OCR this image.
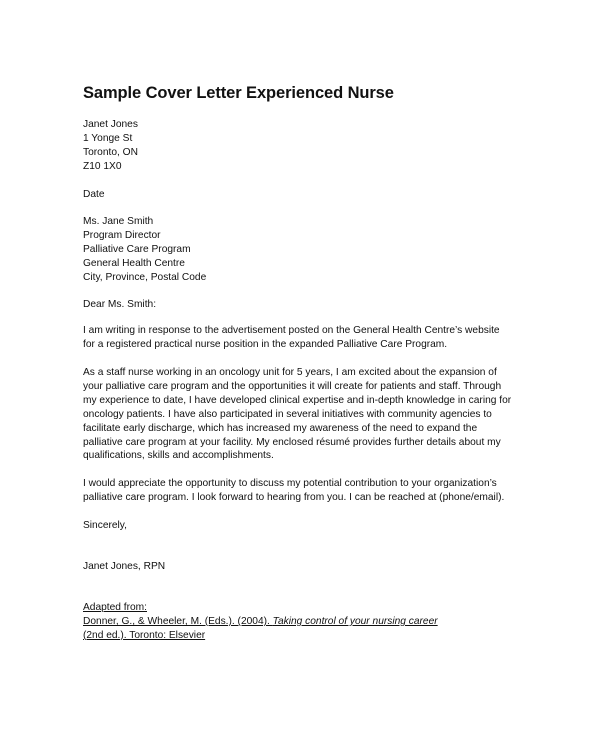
Sample Cover Letter Experienced Nurse
Janet Jones
1 Yonge St
Toronto, ON
Z10 1X0
Date
Ms. Jane Smith
Program Director
Palliative Care Program
General Health Centre
City, Province, Postal Code
Dear Ms. Smith:
I am writing in response to the advertisement posted on the General Health Centre’s website
for a registered practical nurse position in the expanded Palliative Care Program.
As a staff nurse working in an oncology unit for 5 years, I am excited about the expansion of
your palliative care program and the opportunities it will create for patients and staff. Through
my experience to date, I have developed clinical expertise and in-depth knowledge in caring for
oncology patients. I have also participated in several initiatives with community agencies to
facilitate early discharge, which has increased my awareness of the need to expand the
palliative care program at your facility. My enclosed résumé provides further details about my
qualifications, skills and accomplishments.
I would appreciate the opportunity to discuss my potential contribution to your organization’s
palliative care program. I look forward to hearing from you. I can be reached at (phone/email).
Sincerely,
Janet Jones, RPN
Adapted from:
Donner, G., & Wheeler, M. (Eds.). (2004). Taking control of your nursing career
(2nd ed.). Toronto: Elsevier
